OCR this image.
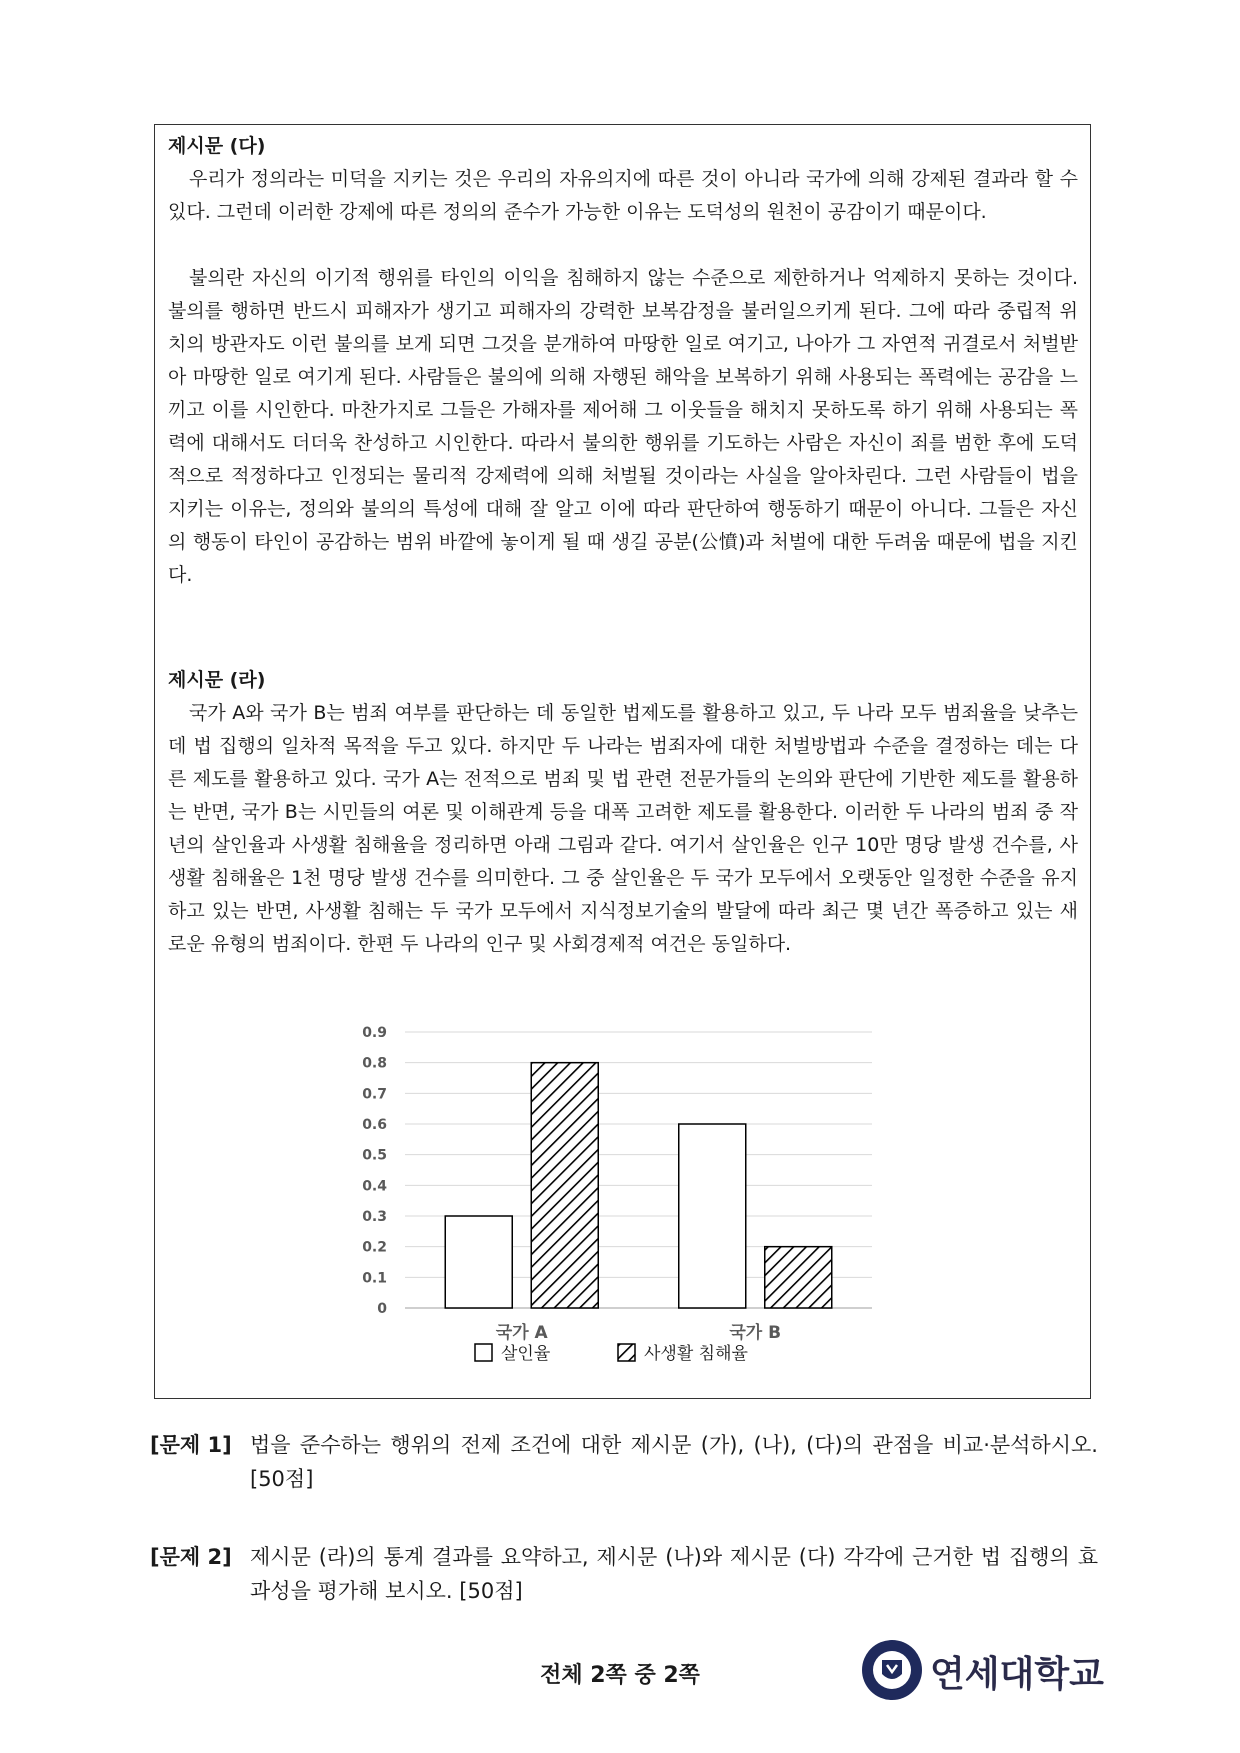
제시문 (다)

우리가 정의라는 미덕을 지키는 것은 우리의 자유의지에 따른 것이 아니라 국가에 의해 강제된 결과라 할 수 있다. 그런데 이러한 강제에 따른 정의의 준수가 가능한 이유는 도덕성의 원천이 공감이기 때문이다.

불의란 자신의 이기적 행위를 타인의 이익을 침해하지 않는 수준으로 제한하거나 억제하지 못하는 것이다. 불의를 행하면 반드시 피해자가 생기고 피해자의 강력한 보복감정을 불러일으키게 된다. 그에 따라 중립적 위치의 방관자도 이런 불의를 보게 되면 그것을 분개하여 마땅한 일로 여기고, 나아가 그 자연적 귀결로서 처벌받아 마땅한 일로 여기게 된다. 사람들은 불의에 의해 자행된 해악을 보복하기 위해 사용되는 폭력에는 공감을 느끼고 이를 시인한다. 마찬가지로 그들은 가해자를 제어해 그 이웃들을 해치지 못하도록 하기 위해 사용되는 폭력에 대해서도 더더욱 찬성하고 시인한다. 따라서 불의한 행위를 기도하는 사람은 자신이 죄를 범한 후에 도덕적으로 적정하다고 인정되는 물리적 강제력에 의해 처벌될 것이라는 사실을 알아차린다. 그런 사람들이 법을 지키는 이유는, 정의와 불의의 특성에 대해 잘 알고 이에 따라 판단하여 행동하기 때문이 아니다. 그들은 자신의 행동이 타인이 공감하는 범위 바깥에 놓이게 될 때 생길 공분(公憤)과 처벌에 대한 두려움 때문에 법을 지킨다.

제시문 (라)

국가 A와 국가 B는 범죄 여부를 판단하는 데 동일한 법제도를 활용하고 있고, 두 나라 모두 범죄율을 낮추는 데 법 집행의 일차적 목적을 두고 있다. 하지만 두 나라는 범죄자에 대한 처벌방법과 수준을 결정하는 데는 다른 제도를 활용하고 있다. 국가 A는 전적으로 범죄 및 법 관련 전문가들의 논의와 판단에 기반한 제도를 활용하는 반면, 국가 B는 시민들의 여론 및 이해관계 등을 대폭 고려한 제도를 활용한다. 이러한 두 나라의 범죄 중 작년의 살인율과 사생활 침해율을 정리하면 아래 그림과 같다. 여기서 살인율은 인구 10만 명당 발생 건수를, 사생활 침해율은 1천 명당 발생 건수를 의미한다. 그 중 살인율은 두 국가 모두에서 오랫동안 일정한 수준을 유지하고 있는 반면, 사생활 침해는 두 국가 모두에서 지식정보기술의 발달에 따라 최근 몇 년간 폭증하고 있는 새로운 유형의 범죄이다. 한편 두 나라의 인구 및 사회경제적 여건은 동일하다.

0
0.1
0.2
0.3
0.4
0.5
0.6
0.7
0.8
0.9
국가 A	국가 B
살인율	사생활 침해율
[문제 1] 법을 준수하는 행위의 전제 조건에 대한 제시문 (가), (나), (다)의 관점을 비교·분석하시오. [50점]
[문제 2] 제시문 (라)의 통계 결과를 요약하고, 제시문 (나)와 제시문 (다) 각각에 근거한 법 집행의 효과성을 평가해 보시오. [50점]
전체 2쪽 중 2쪽	연세대학교
